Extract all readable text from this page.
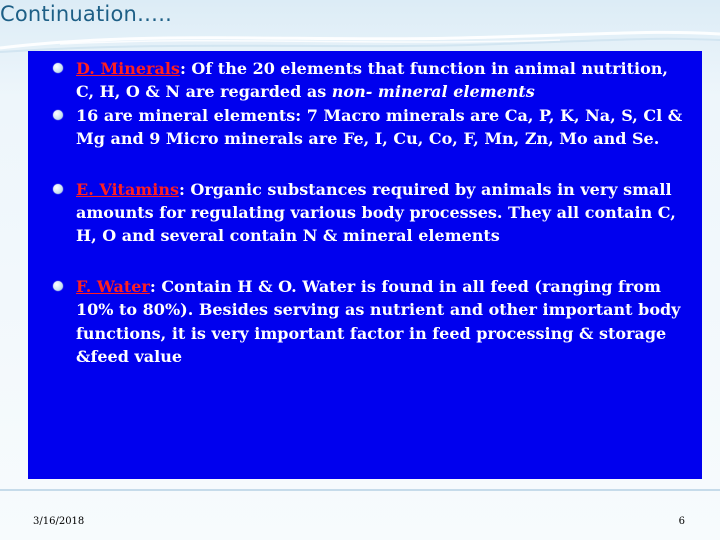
Continuation…..
D. Minerals: Of the 20 elements that function in animal nutrition, C, H, O & N are regarded as non- mineral elements
16 are mineral elements: 7 Macro minerals are Ca, P, K, Na, S, Cl & Mg and 9 Micro minerals are Fe, I, Cu, Co, F, Mn, Zn, Mo and Se.
E. Vitamins: Organic substances required by animals in very small amounts for regulating various body processes. They all contain C, H, O and several contain N & mineral elements
F. Water: Contain H & O. Water is found in all feed (ranging from 10% to 80%). Besides serving as nutrient and other important body functions, it is very important factor in feed processing & storage &feed value
3/16/2018	6
